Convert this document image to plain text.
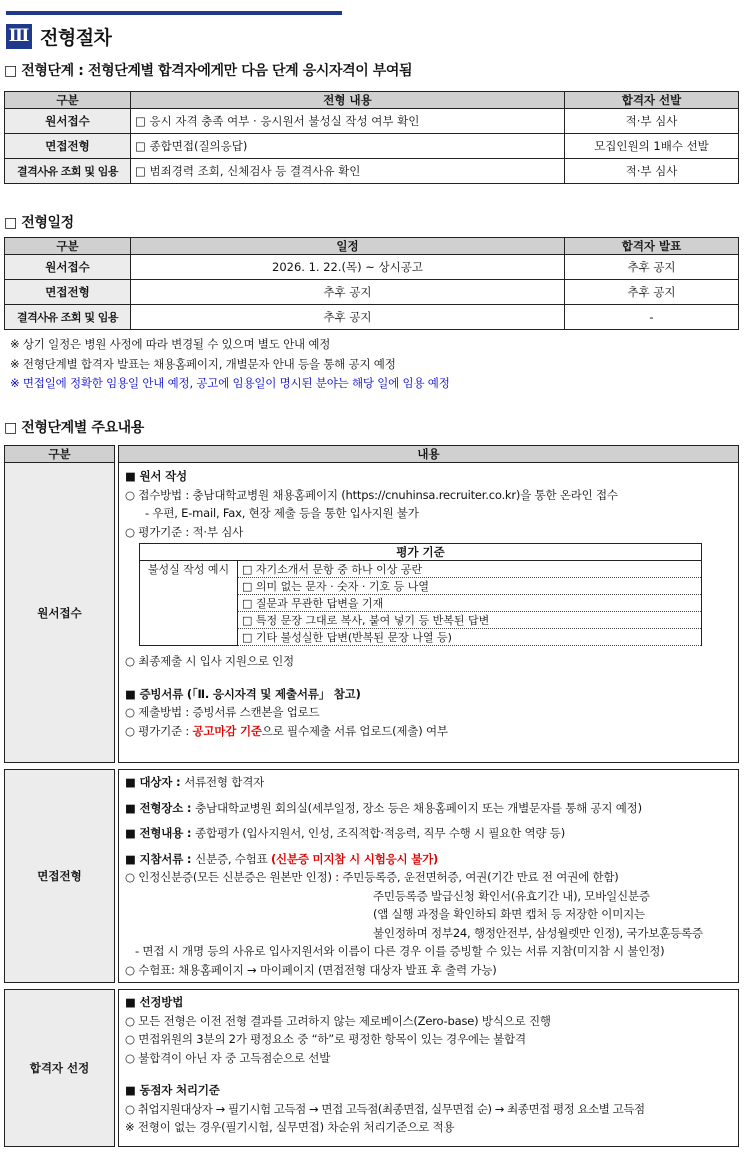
Ⅲ 전형절차
□ 전형단계 : 전형단계별 합격자에게만 다음 단계 응시자격이 부여됨
구분	전형 내용	합격자 선발
원서접수	□ 응시 자격 충족 여부 · 응시원서 불성실 작성 여부 확인	적·부 심사
면접전형	□ 종합면접(질의응답)	모집인원의 1배수 선발
결격사유 조회 및 임용	□ 범죄경력 조회, 신체검사 등 결격사유 확인	적·부 심사
□ 전형일정
구분	일정	합격자 발표
원서접수	2026. 1. 22.(목) ~ 상시공고	추후 공지
면접전형	추후 공지	추후 공지
결격사유 조회 및 임용	추후 공지	-
※ 상기 일정은 병원 사정에 따라 변경될 수 있으며 별도 안내 예정
※ 전형단계별 합격자 발표는 채용홈페이지, 개별문자 안내 등을 통해 공지 예정
※ 면접일에 정확한 임용일 안내 예정, 공고에 임용일이 명시된 분야는 해당 일에 임용 예정
□ 전형단계별 주요내용
구분		내용
원서접수		
■ 원서 작성
○ 접수방법 : 충남대학교병원 채용홈페이지 (https://cnuhinsa.recruiter.co.kr)을 통한 온라인 접수
- 우편, E-mail, Fax, 현장 제출 등을 통한 입사지원 불가
○ 평가기준 : 적·부 심사
평가 기준
불성실 작성 예시	□ 자기소개서 문항 중 하나 이상 공란
□ 의미 없는 문자 · 숫자 · 기호 등 나열
□ 질문과 무관한 답변을 기재
□ 특정 문장 그대로 복사, 붙여 넣기 등 반복된 답변
□ 기타 불성실한 답변(반복된 문장 나열 등)
○ 최종제출 시 입사 지원으로 인정
■ 증빙서류 (「Ⅱ. 응시자격 및 제출서류」 참고)
○ 제출방법 : 증빙서류 스캔본을 업로드
○ 평가기준 : 공고마감 기준으로 필수제출 서류 업로드(제출) 여부

면접전형		
■ 대상자 : 서류전형 합격자
■ 전형장소 : 충남대학교병원 회의실(세부일정, 장소 등은 채용홈페이지 또는 개별문자를 통해 공지 예정)
■ 전형내용 : 종합평가 (입사지원서, 인성, 조직적합·적응력, 직무 수행 시 필요한 역량 등)
■ 지참서류 : 신분증, 수험표 (신분증 미지참 시 시험응시 불가)
○ 인정신분증(모든 신분증은 원본만 인정) : 주민등록증, 운전면허증, 여권(기간 만료 전 여권에 한함)
주민등록증 발급신청 확인서(유효기간 내), 모바일신분증
(앱 실행 과정을 확인하되 화면 캡처 등 저장한 이미지는
불인정하며 정부24, 행정안전부, 삼성월렛만 인정), 국가보훈등록증
- 면접 시 개명 등의 사유로 입사지원서와 이름이 다른 경우 이를 증빙할 수 있는 서류 지참(미지참 시 불인정)
○ 수험표: 채용홈페이지 → 마이페이지 (면접전형 대상자 발표 후 출력 가능)

합격자 선정		
■ 선정방법
○ 모든 전형은 이전 전형 결과를 고려하지 않는 제로베이스(Zero-base) 방식으로 진행
○ 면접위원의 3분의 2가 평정요소 중 “하”로 평정한 항목이 있는 경우에는 불합격
○ 불합격이 아닌 자 중 고득점순으로 선발
■ 동점자 처리기준
○ 취업지원대상자 → 필기시험 고득점 → 면접 고득점(최종면접, 실무면접 순) → 최종면접 평정 요소별 고득점
※ 전형이 없는 경우(필기시험, 실무면접) 차순위 처리기준으로 적용
